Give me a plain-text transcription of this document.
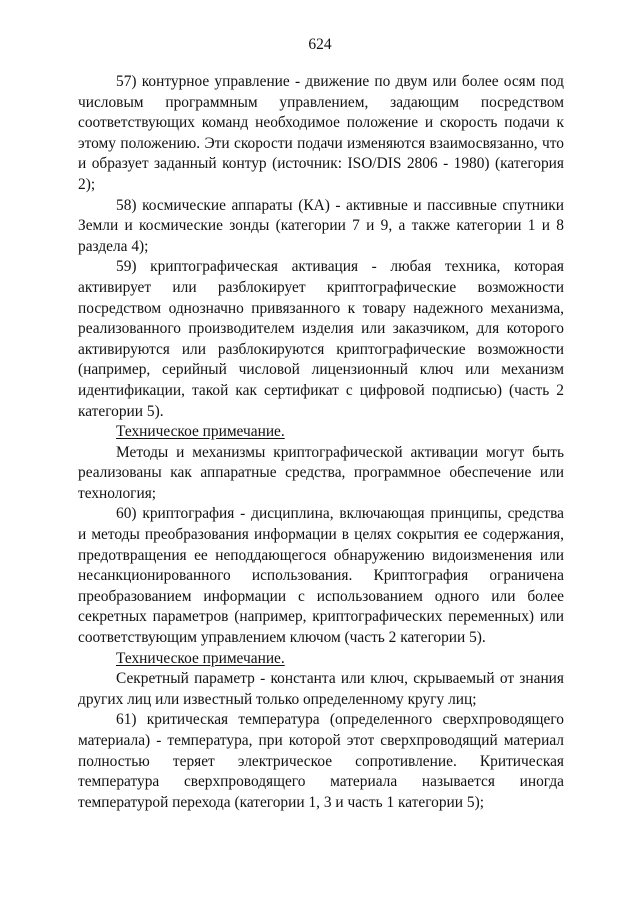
624

57) контурное управление - движение по двум или более осям под числовым программным управлением, задающим посредством соответствующих команд необходимое положение и скорость подачи к этому положению. Эти скорости подачи изменяются взаимосвязанно, что и образует заданный контур (источник: ISO/DIS 2806 - 1980) (категория 2);

58) космические аппараты (КА) - активные и пассивные спутники Земли и космические зонды (категории 7 и 9, а также категории 1 и 8 раздела 4);

59) криптографическая активация - любая техника, которая активирует или разблокирует криптографические возможности посредством однозначно привязанного к товару надежного механизма, реализованного производителем изделия или заказчиком, для которого активируются или разблокируются криптографические возможности (например, серийный числовой лицензионный ключ или механизм идентификации, такой как сертификат с цифровой подписью) (часть 2 категории 5).

Техническое примечание.

Методы и механизмы криптографической активации могут быть реализованы как аппаратные средства, программное обеспечение или технология;

60) криптография - дисциплина, включающая принципы, средства и методы преобразования информации в целях сокрытия ее содержания, предотвращения ее неподдающегося обнаружению видоизменения или несанкционированного использования. Криптография ограничена преобразованием информации с использованием одного или более секретных параметров (например, криптографических переменных) или соответствующим управлением ключом (часть 2 категории 5).

Техническое примечание.

Секретный параметр - константа или ключ, скрываемый от знания других лиц или известный только определенному кругу лиц;

61) критическая температура (определенного сверхпроводящего материала) - температура, при которой этот сверхпроводящий материал полностью теряет электрическое сопротивление. Критическая температура сверхпроводящего материала называется иногда температурой перехода (категории 1, 3 и часть 1 категории 5);
